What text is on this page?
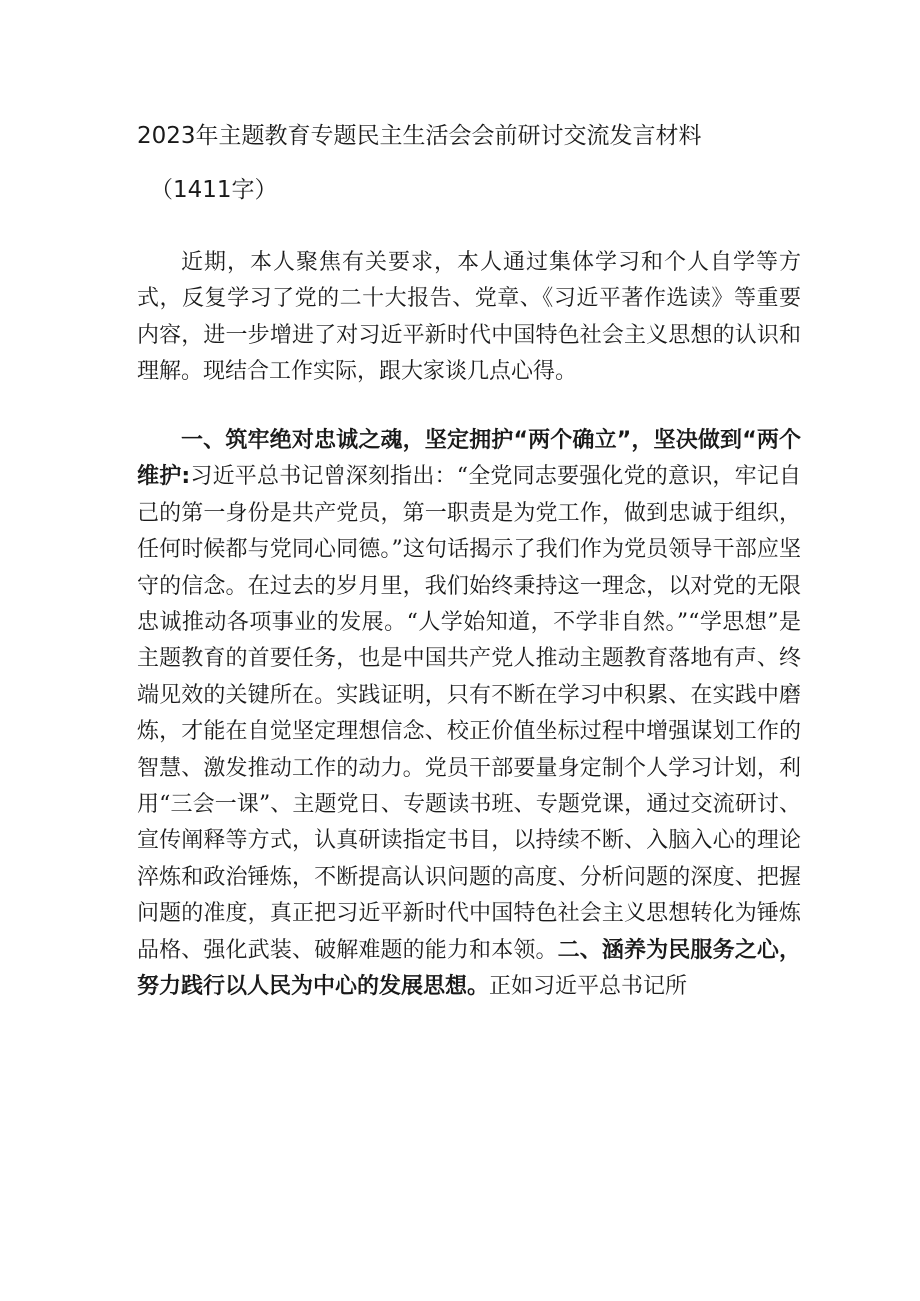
2023年主题教育专题民主生活会会前研讨交流发言材料
（1411字）
近期，本人聚焦有关要求，本人通过集体学习和个人自学等方式，反复学习了党的二十大报告、党章、《习近平著作选读》等重要内容，进一步增进了对习近平新时代中国特色社会主义思想的认识和理解。现结合工作实际，跟大家谈几点心得。
一、筑牢绝对忠诚之魂，坚定拥护“两个确立”，坚决做到“两个维护:习近平总书记曾深刻指出：“全党同志要强化党的意识，牢记自己的第一身份是共产党员，第一职责是为党工作，做到忠诚于组织，任何时候都与党同心同德。”这句话揭示了我们作为党员领导干部应坚守的信念。在过去的岁月里，我们始终秉持这一理念，以对党的无限忠诚推动各项事业的发展。“人学始知道，不学非自然。”“学思想”是主题教育的首要任务，也是中国共产党人推动主题教育落地有声、终端见效的关键所在。实践证明，只有不断在学习中积累、在实践中磨炼，才能在自觉坚定理想信念、校正价值坐标过程中增强谋划工作的智慧、激发推动工作的动力。党员干部要量身定制个人学习计划，利用“三会一课”、主题党日、专题读书班、专题党课，通过交流研讨、宣传阐释等方式，认真研读指定书目，以持续不断、入脑入心的理论淬炼和政治锤炼，不断提高认识问题的高度、分析问题的深度、把握问题的准度，真正把习近平新时代中国特色社会主义思想转化为锤炼品格、强化武装、破解难题的能力和本领。二、涵养为民服务之心，努力践行以人民为中心的发展思想。正如习近平总书记所
